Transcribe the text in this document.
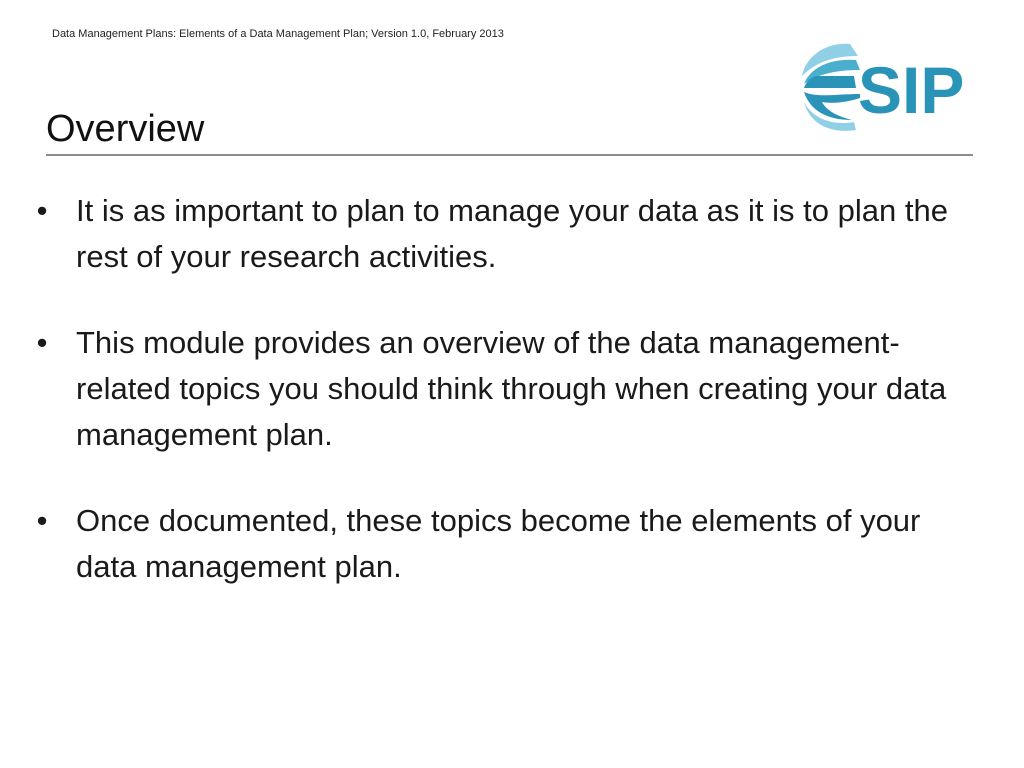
Data Management Plans: Elements of a Data Management Plan; Version 1.0, February 2013
SIP
Overview
• It is as important to plan to manage your data as it is to plan the rest of your research activities.
• This module provides an overview of the data management-related topics you should think through when creating your data management plan.
• Once documented, these topics become the elements of your data management plan.
